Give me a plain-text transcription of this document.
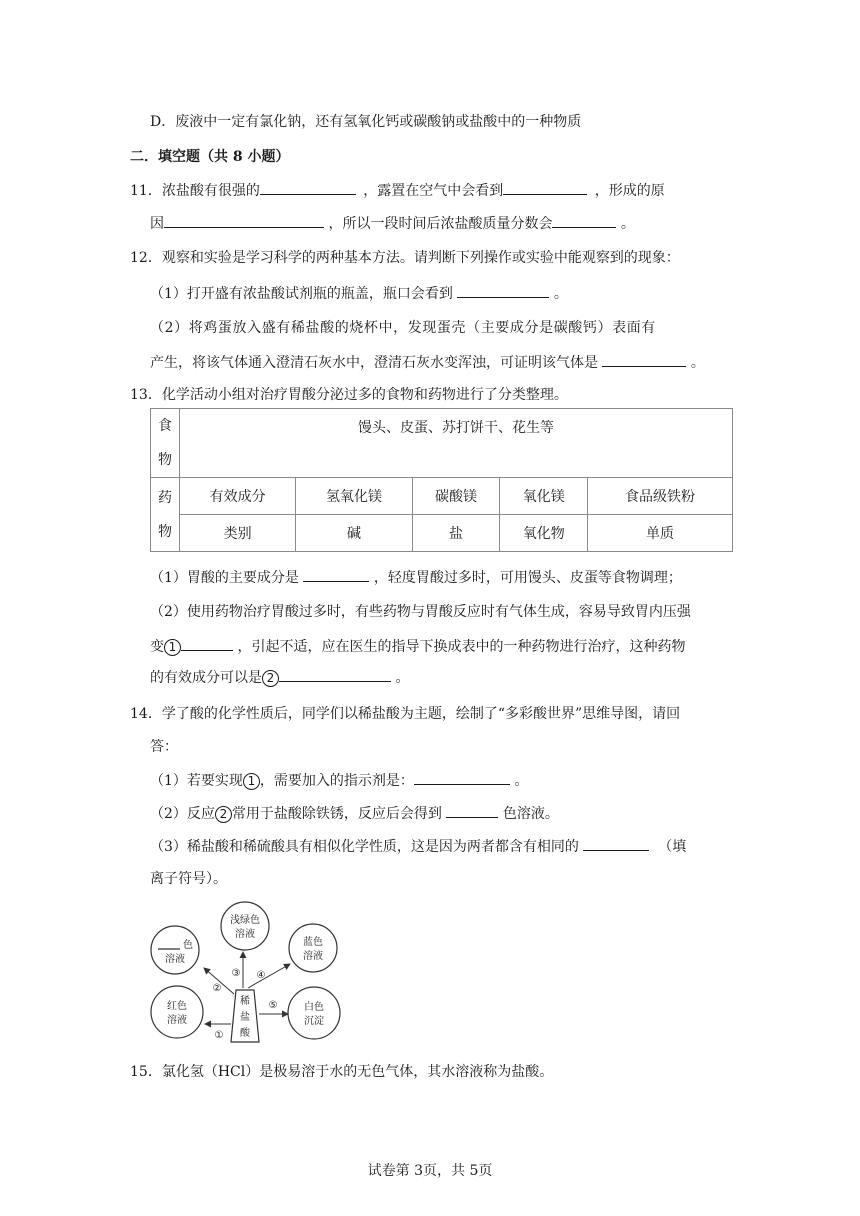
D．废液中一定有氯化钠，还有氢氧化钙或碳酸钠或盐酸中的一种物质
二．填空题（共 8 小题）
11．浓盐酸有很强的	，露置在空气中会看到	，形成的原
因	，所以一段时间后浓盐酸质量分数会	。
12．观察和实验是学习科学的两种基本方法。请判断下列操作或实验中能观察到的现象：
（1）打开盛有浓盐酸试剂瓶的瓶盖，瓶口会看到	。
（2）将鸡蛋放入盛有稀盐酸的烧杯中，发现蛋壳（主要成分是碳酸钙）表面有
产生，将该气体通入澄清石灰水中，澄清石灰水变浑浊，可证明该气体是	。
13．化学活动小组对治疗胃酸分泌过多的食物和药物进行了分类整理。
食
物	馒头、皮蛋、苏打饼干、花生等				

药
物	有效成分	氢氧化镁	碳酸镁	氧化镁	食品级铁粉
	类别	碱	盐	氧化物	单质
（1）胃酸的主要成分是	，轻度胃酸过多时，可用馒头、皮蛋等食物调理；
（2）使用药物治疗胃酸过多时，有些药物与胃酸反应时有气体生成，容易导致胃内压强
变 1	，引起不适，应在医生的指导下换成表中的一种药物进行治疗，这种药物
的有效成分可以是 2	。
14．学了酸的化学性质后，同学们以稀盐酸为主题，绘制了“多彩酸世界”思维导图，请回
答：
（1）若要实现 1 ，需要加入的指示剂是：	。
（2）反应 2 常用于盐酸除铁锈，反应后会得到	色溶液。
（3）稀盐酸和稀硫酸具有相似化学性质，这是因为两者都含有相同的	（填
离子符号）。
稀
盐
酸
红色
溶液
色
溶液
浅绿色
溶液
蓝色
溶液
白色
沉淀
①
②
③ ④
⑤
15．氯化氢（HCl）是极易溶于水的无色气体，其水溶液称为盐酸。
试卷第 3页，共 5页
